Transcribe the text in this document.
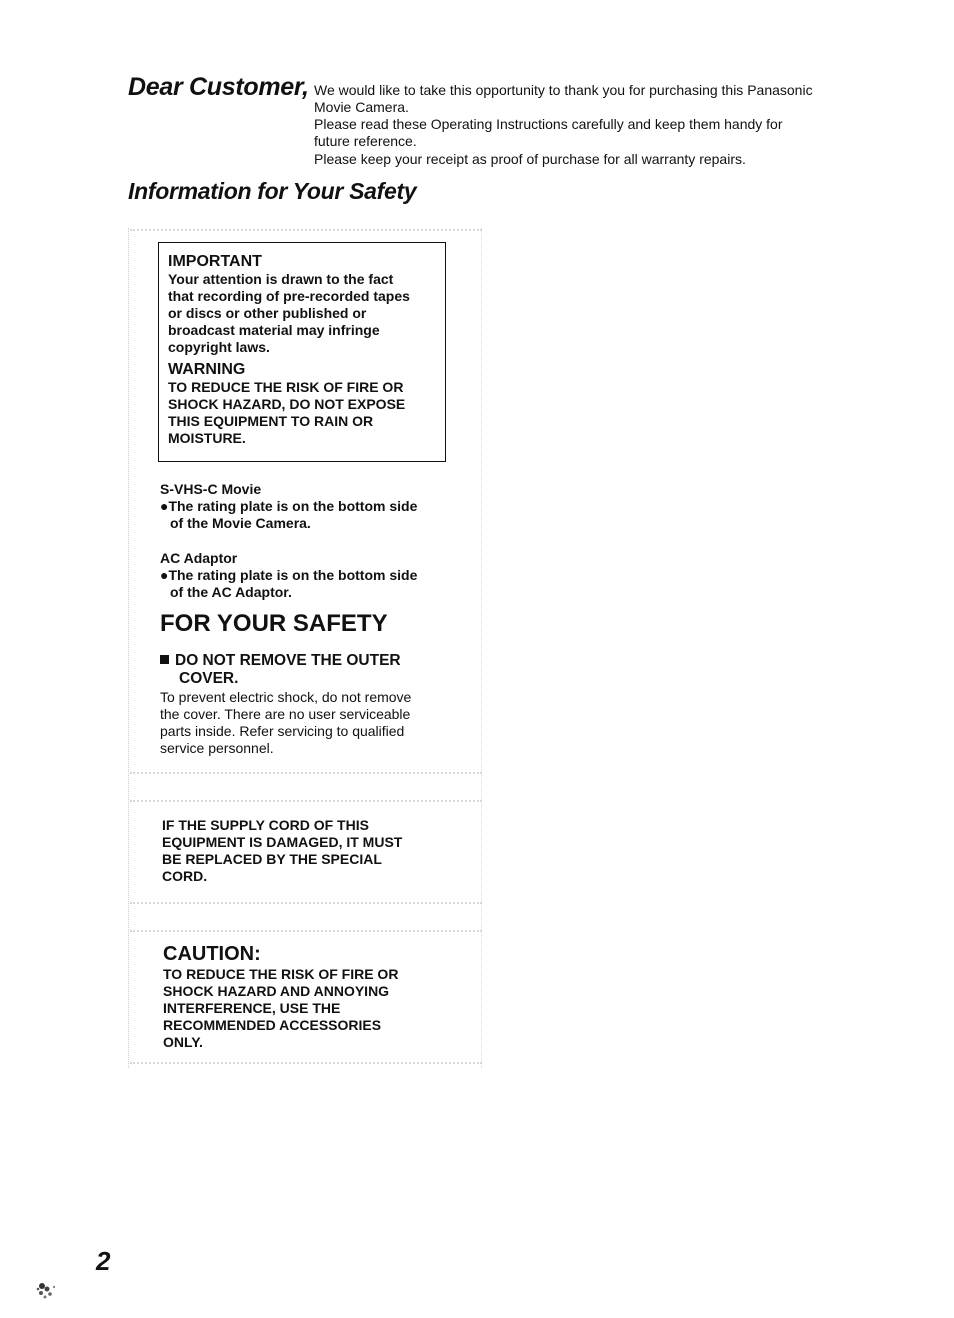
Dear Customer, We would like to take this opportunity to thank you for purchasing this Panasonic
Movie Camera.
Please read these Operating Instructions carefully and keep them handy for
future reference.
Please keep your receipt as proof of purchase for all warranty repairs.
Information for Your Safety
IMPORTANT
Your attention is drawn to the fact
that recording of pre-recorded tapes
or discs or other published or
broadcast material may infringe
copyright laws.
WARNING
TO REDUCE THE RISK OF FIRE OR
SHOCK HAZARD, DO NOT EXPOSE
THIS EQUIPMENT TO RAIN OR
MOISTURE.
S-VHS-C Movie
●The rating plate is on the bottom side
of the Movie Camera.
AC Adaptor
●The rating plate is on the bottom side
of the AC Adaptor.
FOR YOUR SAFETY
DO NOT REMOVE THE OUTER
COVER.
To prevent electric shock, do not remove
the cover. There are no user serviceable
parts inside. Refer servicing to qualified
service personnel.
IF THE SUPPLY CORD OF THIS
EQUIPMENT IS DAMAGED, IT MUST
BE REPLACED BY THE SPECIAL
CORD.
CAUTION:
TO REDUCE THE RISK OF FIRE OR
SHOCK HAZARD AND ANNOYING
INTERFERENCE, USE THE
RECOMMENDED ACCESSORIES
ONLY.
2
